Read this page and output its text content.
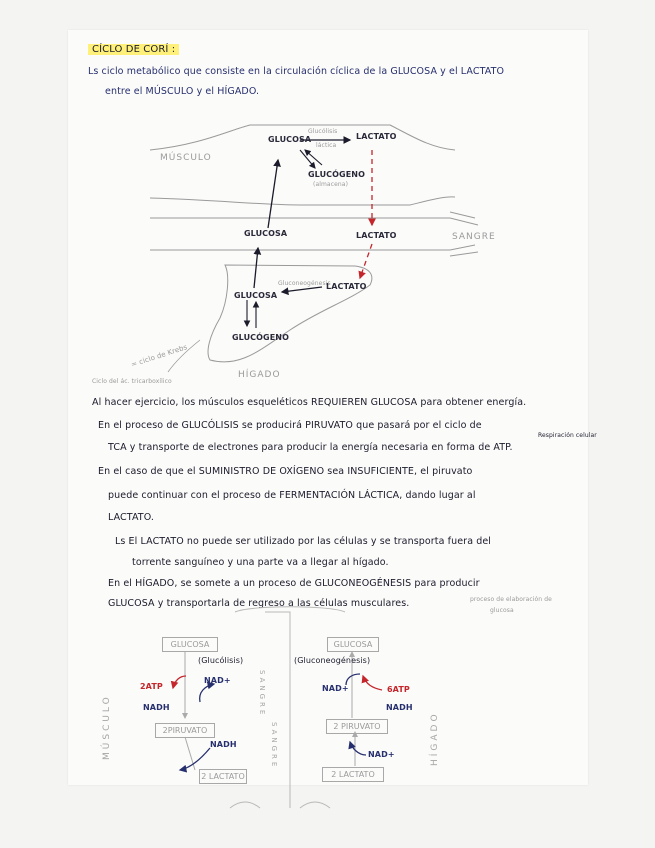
CÍCLO DE CORÍ :
Ls ciclo metabólico que consiste en la circulación cíclica de la GLUCOSA y el LACTATO
entre el MÚSCULO y el HÍGADO.
MÚSCULO
SANGRE
HÍGADO
GLUCOSA	LACTATO
Glucólisis
láctica
GLUCÓGENO
(almacena)
GLUCOSA	LACTATO
Gluconeogénesis
LACTATO
GLUCOSA
GLUCÓGENO
= ciclo de Krebs
Ciclo del ác. tricarboxílico
Al hacer ejercicio, los músculos esqueléticos REQUIEREN GLUCOSA para obtener energía.
En el proceso de GLUCÓLISIS se producirá PIRUVATO que pasará por el ciclo de
TCA y transporte de electrones para producir la energía necesaria en forma de ATP.
Respiración celular
En el caso de que el SUMINISTRO DE OXÍGENO sea INSUFICIENTE, el piruvato
puede continuar con el proceso de FERMENTACIÓN LÁCTICA, dando lugar al
LACTATO.
Ls El LACTATO no puede ser utilizado por las células y se transporta fuera del
torrente sanguíneo y una parte va a llegar al hígado.
En el HÍGADO, se somete a un proceso de GLUCONEOGÉNESIS para producir
GLUCOSA y transportarla de regreso a las células musculares.	proceso de elaboración de
glucosa
GLUCOSA
(Glucólisis)
2ATP
NAD+
NADH
2PIRUVATO
NADH
2 LACTATO
MÚSCULO
SANGRE
SANGRE
GLUCOSA
(Gluconeogénesis)
NAD+	6ATP
NADH
2 PIRUVATO
NAD+
2 LACTATO
HÍGADO
